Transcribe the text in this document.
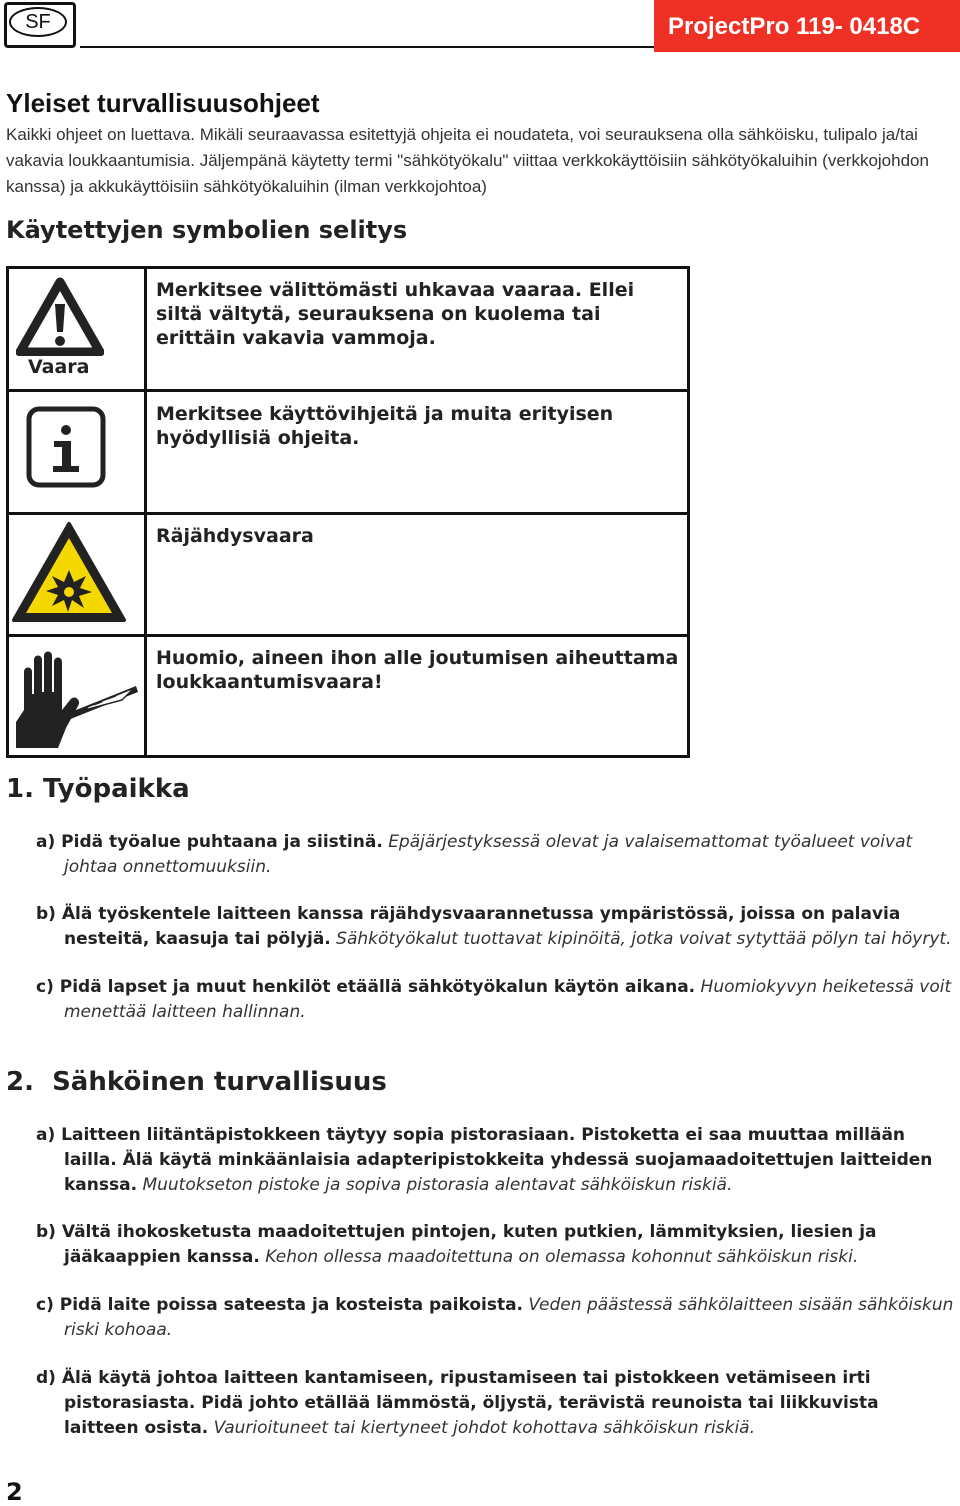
SF	ProjectPro 119- 0418C
Yleiset turvallisuusohjeet
Kaikki ohjeet on luettava. Mikäli seuraavassa esitettyjä ohjeita ei noudateta, voi seurauksena olla sähköisku, tulipalo ja/tai vakavia loukkaantumisia. Jäljempänä käytetty termi "sähkötyökalu" viittaa verkkokäyttöisiin sähkötyökaluihin (verkkojohdon kanssa) ja akkukäyttöisiin sähkötyökaluihin (ilman verkkojohtoa)
Käytettyjen symbolien selitys
Vaara
Merkitsee välittömästi uhkavaa vaaraa. Ellei siltä vältytä, seurauksena on kuolema tai erittäin vakavia vammoja.
Merkitsee käyttövihjeitä ja muita erityisen hyödyllisiä ohjeita.
Räjähdysvaara
Huomio, aineen ihon alle joutumisen aiheuttama loukkaantumisvaara!
1. Työpaikka
a) Pidä työalue puhtaana ja siistinä. Epäjärjestyksessä olevat ja valaisemattomat työalueet voivat johtaa onnettomuuksiin.
b) Älä työskentele laitteen kanssa räjähdysvaarannetussa ympäristössä, joissa on palavia nesteitä, kaasuja tai pölyjä. Sähkötyökalut tuottavat kipinöitä, jotka voivat sytyttää pölyn tai höyryt.
c) Pidä lapset ja muut henkilöt etäällä sähkötyökalun käytön aikana. Huomiokyvyn heiketessä voit menettää laitteen hallinnan.
2.  Sähköinen turvallisuus
a) Laitteen liitäntäpistokkeen täytyy sopia pistorasiaan. Pistoketta ei saa muuttaa millään lailla. Älä käytä minkäänlaisia adapteripistokkeita yhdessä suojamaadoitettujen laitteiden kanssa. Muutokseton pistoke ja sopiva pistorasia alentavat sähköiskun riskiä.
b) Vältä ihokosketusta maadoitettujen pintojen, kuten putkien, lämmityksien, liesien ja jääkaappien kanssa. Kehon ollessa maadoitettuna on olemassa kohonnut sähköiskun riski.
c) Pidä laite poissa sateesta ja kosteista paikoista. Veden päästessä sähkölaitteen sisään sähköiskun riski kohoaa.
d) Älä käytä johtoa laitteen kantamiseen, ripustamiseen tai pistokkeen vetämiseen irti pistorasiasta. Pidä johto etällää lämmöstä, öljystä, terävistä reunoista tai liikkuvista laitteen osista. Vaurioituneet tai kiertyneet johdot kohottava sähköiskun riskiä.
2
